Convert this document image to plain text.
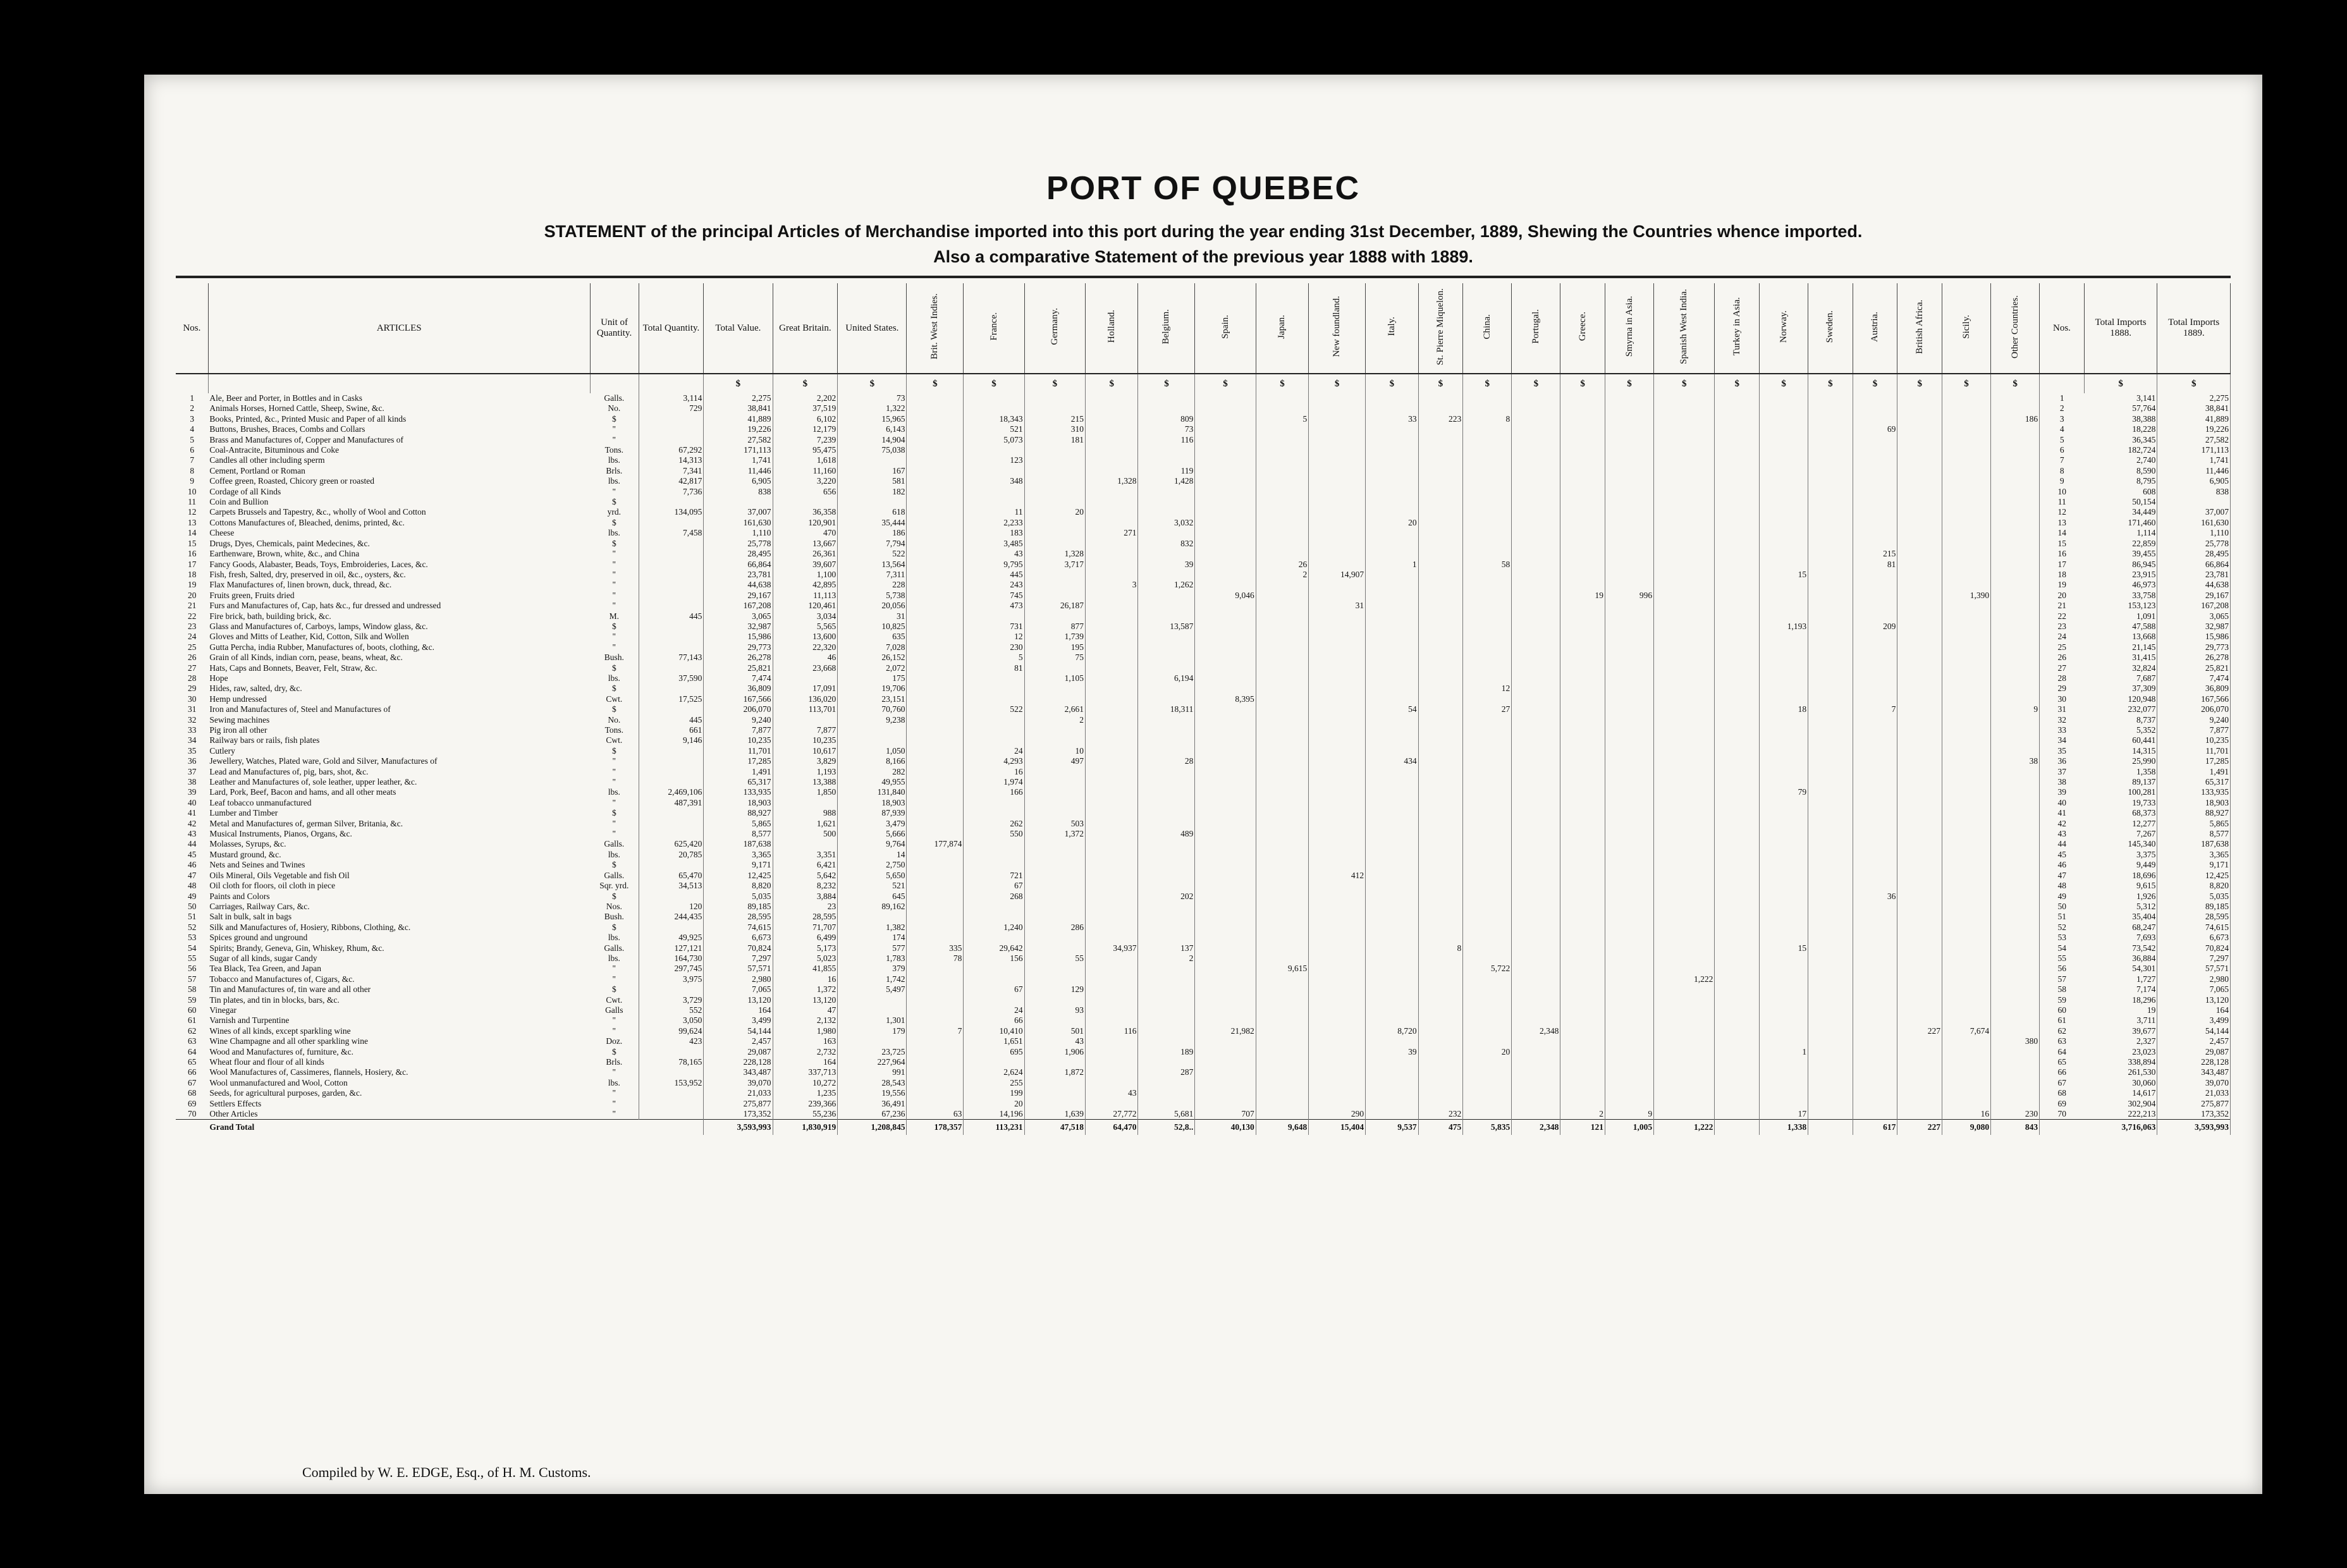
PORT OF QUEBEC
STATEMENT of the principal Articles of Merchandise imported into this port during the year ending 31st December, 1889, Shewing the Countries whence imported.
Also a comparative Statement of the previous year 1888 with 1889.
Nos.	ARTICLES	Unit of Quantity.	Total Quantity.	Total Value.	Great Britain.	United States.	Brit. West Indies.	France.	Germany.	Holland.	Belgium.	Spain.	Japan.	New foundland.	Italy.	St. Pierre Miquelon.	China.	Portugal.	Greece.	Smyrna in Asia.	Spanish West India.	Turkey in Asia.	Norway.	Sweden.	Austria.	British Africa.	Sicily.	Other Countries.	Nos.	Total Imports 1888.	Total Imports 1889.
				$	$	$	$	$	$	$	$	$	$	$	$	$	$	$	$	$	$	$	$	$	$	$	$	$		$	$
1	Ale, Beer and Porter, in Bottles and in Casks	Galls.	3,114	2,275	2,202	73																							1	3,141	2,275
2	Animals Horses, Horned Cattle, Sheep, Swine, &c.	No.	729	38,841	37,519	1,322																							2	57,764	38,841
3	Books, Printed, &c., Printed Music and Paper of all kinds	$		41,889	6,102	15,965		18,343	215		809		5		33	223	8											186	3	38,388	41,889
4	Buttons, Brushes, Braces, Combs and Collars	"		19,226	12,179	6,143		521	310		73														69				4	18,228	19,226
5	Brass and Manufactures of, Copper and Manufactures of	"		27,582	7,239	14,904		5,073	181		116																		5	36,345	27,582
6	Coal-Antracite, Bituminous and Coke	Tons.	67,292	171,113	95,475	75,038																							6	182,724	171,113
7	Candles all other including sperm	lbs.	14,313	1,741	1,618			123																					7	2,740	1,741
8	Cement, Portland or Roman	Brls.	7,341	11,446	11,160	167					119																		8	8,590	11,446
9	Coffee green, Roasted, Chicory green or roasted	lbs.	42,817	6,905	3,220	581		348		1,328	1,428																		9	8,795	6,905
10	Cordage of all Kinds	"	7,736	838	656	182																							10	608	838
11	Coin and Bullion	$																											11	50,154	
12	Carpets Brussels and Tapestry, &c., wholly of Wool and Cotton	yrd.	134,095	37,007	36,358	618		11	20																				12	34,449	37,007
13	Cottons Manufactures of, Bleached, denims, printed, &c.	$		161,630	120,901	35,444		2,233			3,032				20														13	171,460	161,630
14	Cheese	lbs.	7,458	1,110	470	186		183		271																			14	1,114	1,110
15	Drugs, Dyes, Chemicals, paint Medecines, &c.	$		25,778	13,667	7,794		3,485			832																		15	22,859	25,778
16	Earthenware, Brown, white, &c., and China	"		28,495	26,361	522		43	1,328																215				16	39,455	28,495
17	Fancy Goods, Alabaster, Beads, Toys, Embroideries, Laces, &c.	"		66,864	39,607	13,564		9,795	3,717		39		26		1		58								81				17	86,945	66,864
18	Fish, fresh, Salted, dry, preserved in oil, &c., oysters, &c.	"		23,781	1,100	7,311		445					2	14,907									15						18	23,915	23,781
19	Flax Manufactures of, linen brown, duck, thread, &c.	"		44,638	42,895	228		243		3	1,262																		19	46,973	44,638
20	Fruits green, Fruits dried	"		29,167	11,113	5,738		745				9,046							19	996							1,390		20	33,758	29,167
21	Furs and Manufactures of, Cap, hats &c., fur dressed and undressed	"		167,208	120,461	20,056		473	26,187					31															21	153,123	167,208
22	Fire brick, bath, building brick, &c.	M.	445	3,065	3,034	31																							22	1,091	3,065
23	Glass and Manufactures of, Carboys, lamps, Window glass, &c.	$		32,987	5,565	10,825		731	877		13,587												1,193		209				23	47,588	32,987
24	Gloves and Mitts of Leather, Kid, Cotton, Silk and Wollen	"		15,986	13,600	635		12	1,739																				24	13,668	15,986
25	Gutta Percha, india Rubber, Manufactures of, boots, clothing, &c.	"		29,773	22,320	7,028		230	195																				25	21,145	29,773
26	Grain of all Kinds, indian corn, pease, beans, wheat, &c.	Bush.	77,143	26,278	46	26,152		5	75																				26	31,415	26,278
27	Hats, Caps and Bonnets, Beaver, Felt, Straw, &c.	$		25,821	23,668	2,072		81																					27	32,824	25,821
28	Hope	lbs.	37,590	7,474		175			1,105		6,194																		28	7,687	7,474
29	Hides, raw, salted, dry, &c.	$		36,809	17,091	19,706											12												29	37,309	36,809
30	Hemp undressed	Cwt.	17,525	167,566	136,020	23,151						8,395																	30	120,948	167,566
31	Iron and Manufactures of, Steel and Manufactures of	$		206,070	113,701	70,760		522	2,661		18,311				54		27						18		7			9	31	232,077	206,070
32	Sewing machines	No.	445	9,240		9,238			2																				32	8,737	9,240
33	Pig iron all other	Tons.	661	7,877	7,877																								33	5,352	7,877
34	Railway bars or rails, fish plates	Cwt.	9,146	10,235	10,235																								34	60,441	10,235
35	Cutlery	$		11,701	10,617	1,050		24	10																				35	14,315	11,701
36	Jewellery, Watches, Plated ware, Gold and Silver, Manufactures of	"		17,285	3,829	8,166		4,293	497		28				434													38	36	25,990	17,285
37	Lead and Manufactures of, pig, bars, shot, &c.	"		1,491	1,193	282		16																					37	1,358	1,491
38	Leather and Manufactures of, sole leather, upper leather, &c.	"		65,317	13,388	49,955		1,974																					38	89,137	65,317
39	Lard, Pork, Beef, Bacon and hams, and all other meats	lbs.	2,469,106	133,935	1,850	131,840		166															79						39	100,281	133,935
40	Leaf tobacco unmanufactured	"	487,391	18,903		18,903																							40	19,733	18,903
41	Lumber and Timber	$		88,927	988	87,939																							41	68,373	88,927
42	Metal and Manufactures of, german Silver, Britania, &c.	"		5,865	1,621	3,479		262	503																				42	12,277	5,865
43	Musical Instruments, Pianos, Organs, &c.	"		8,577	500	5,666		550	1,372		489																		43	7,267	8,577
44	Molasses, Syrups, &c.	Galls.	625,420	187,638		9,764	177,874																						44	145,340	187,638
45	Mustard ground, &c.	lbs.	20,785	3,365	3,351	14																							45	3,375	3,365
46	Nets and Seines and Twines	$		9,171	6,421	2,750																							46	9,449	9,171
47	Oils Mineral, Oils Vegetable and fish Oil	Galls.	65,470	12,425	5,642	5,650		721						412															47	18,696	12,425
48	Oil cloth for floors, oil cloth in piece	Sqr. yrd.	34,513	8,820	8,232	521		67																					48	9,615	8,820
49	Paints and Colors	$		5,035	3,884	645		268			202														36				49	1,926	5,035
50	Carriages, Railway Cars, &c.	Nos.	120	89,185	23	89,162																							50	5,312	89,185
51	Salt in bulk, salt in bags	Bush.	244,435	28,595	28,595																								51	35,404	28,595
52	Silk and Manufactures of, Hosiery, Ribbons, Clothing, &c.	$		74,615	71,707	1,382		1,240	286																				52	68,247	74,615
53	Spices ground and unground	lbs.	49,925	6,673	6,499	174																							53	7,693	6,673
54	Spirits; Brandy, Geneva, Gin, Whiskey, Rhum, &c.	Galls.	127,121	70,824	5,173	577	335	29,642		34,937	137					8							15						54	73,542	70,824
55	Sugar of all kinds, sugar Candy	lbs.	164,730	7,297	5,023	1,783	78	156	55		2																		55	36,884	7,297
56	Tea Black, Tea Green, and Japan	"	297,745	57,571	41,855	379							9,615				5,722												56	54,301	57,571
57	Tobacco and Manufactures of, Cigars, &c.	"	3,975	2,980	16	1,742															1,222								57	1,727	2,980
58	Tin and Manufactures of, tin ware and all other	$		7,065	1,372	5,497		67	129																				58	7,174	7,065
59	Tin plates, and tin in blocks, bars, &c.	Cwt.	3,729	13,120	13,120																								59	18,296	13,120
60	Vinegar	Galls	552	164	47			24	93																				60	19	164
61	Varnish and Turpentine	"	3,050	3,499	2,132	1,301		66																					61	3,711	3,499
62	Wines of all kinds, except sparkling wine	"	99,624	54,144	1,980	179	7	10,410	501	116		21,982			8,720			2,348								227	7,674		62	39,677	54,144
63	Wine Champagne and all other sparkling wine	Doz.	423	2,457	163			1,651	43																			380	63	2,327	2,457
64	Wood and Manufactures of, furniture, &c.	$		29,087	2,732	23,725		695	1,906		189				39		20						1						64	23,023	29,087
65	Wheat flour and flour of all kinds	Brls.	78,165	228,128	164	227,964																							65	338,894	228,128
66	Wool Manufactures of, Cassimeres, flannels, Hosiery, &c.	"		343,487	337,713	991		2,624	1,872		287																		66	261,530	343,487
67	Wool unmanufactured and Wool, Cotton	lbs.	153,952	39,070	10,272	28,543		255																					67	30,060	39,070
68	Seeds, for agricultural purposes, garden, &c.	"		21,033	1,235	19,556		199		43																			68	14,617	21,033
69	Settlers Effects	"		275,877	239,366	36,491		20																					69	302,904	275,877
70	Other Articles	"		173,352	55,236	67,236	63	14,196	1,639	27,772	5,681	707		290		232			2	9			17				16	230	70	222,213	173,352
	Grand Total			3,593,993	1,830,919	1,208,845	178,357	113,231	47,518	64,470	52,8..	40,130	9,648	15,404	9,537	475	5,835	2,348	121	1,005	1,222		1,338		617	227	9,080	843		3,716,063	3,593,993
Compiled by W. E. EDGE, Esq., of H. M. Customs.
